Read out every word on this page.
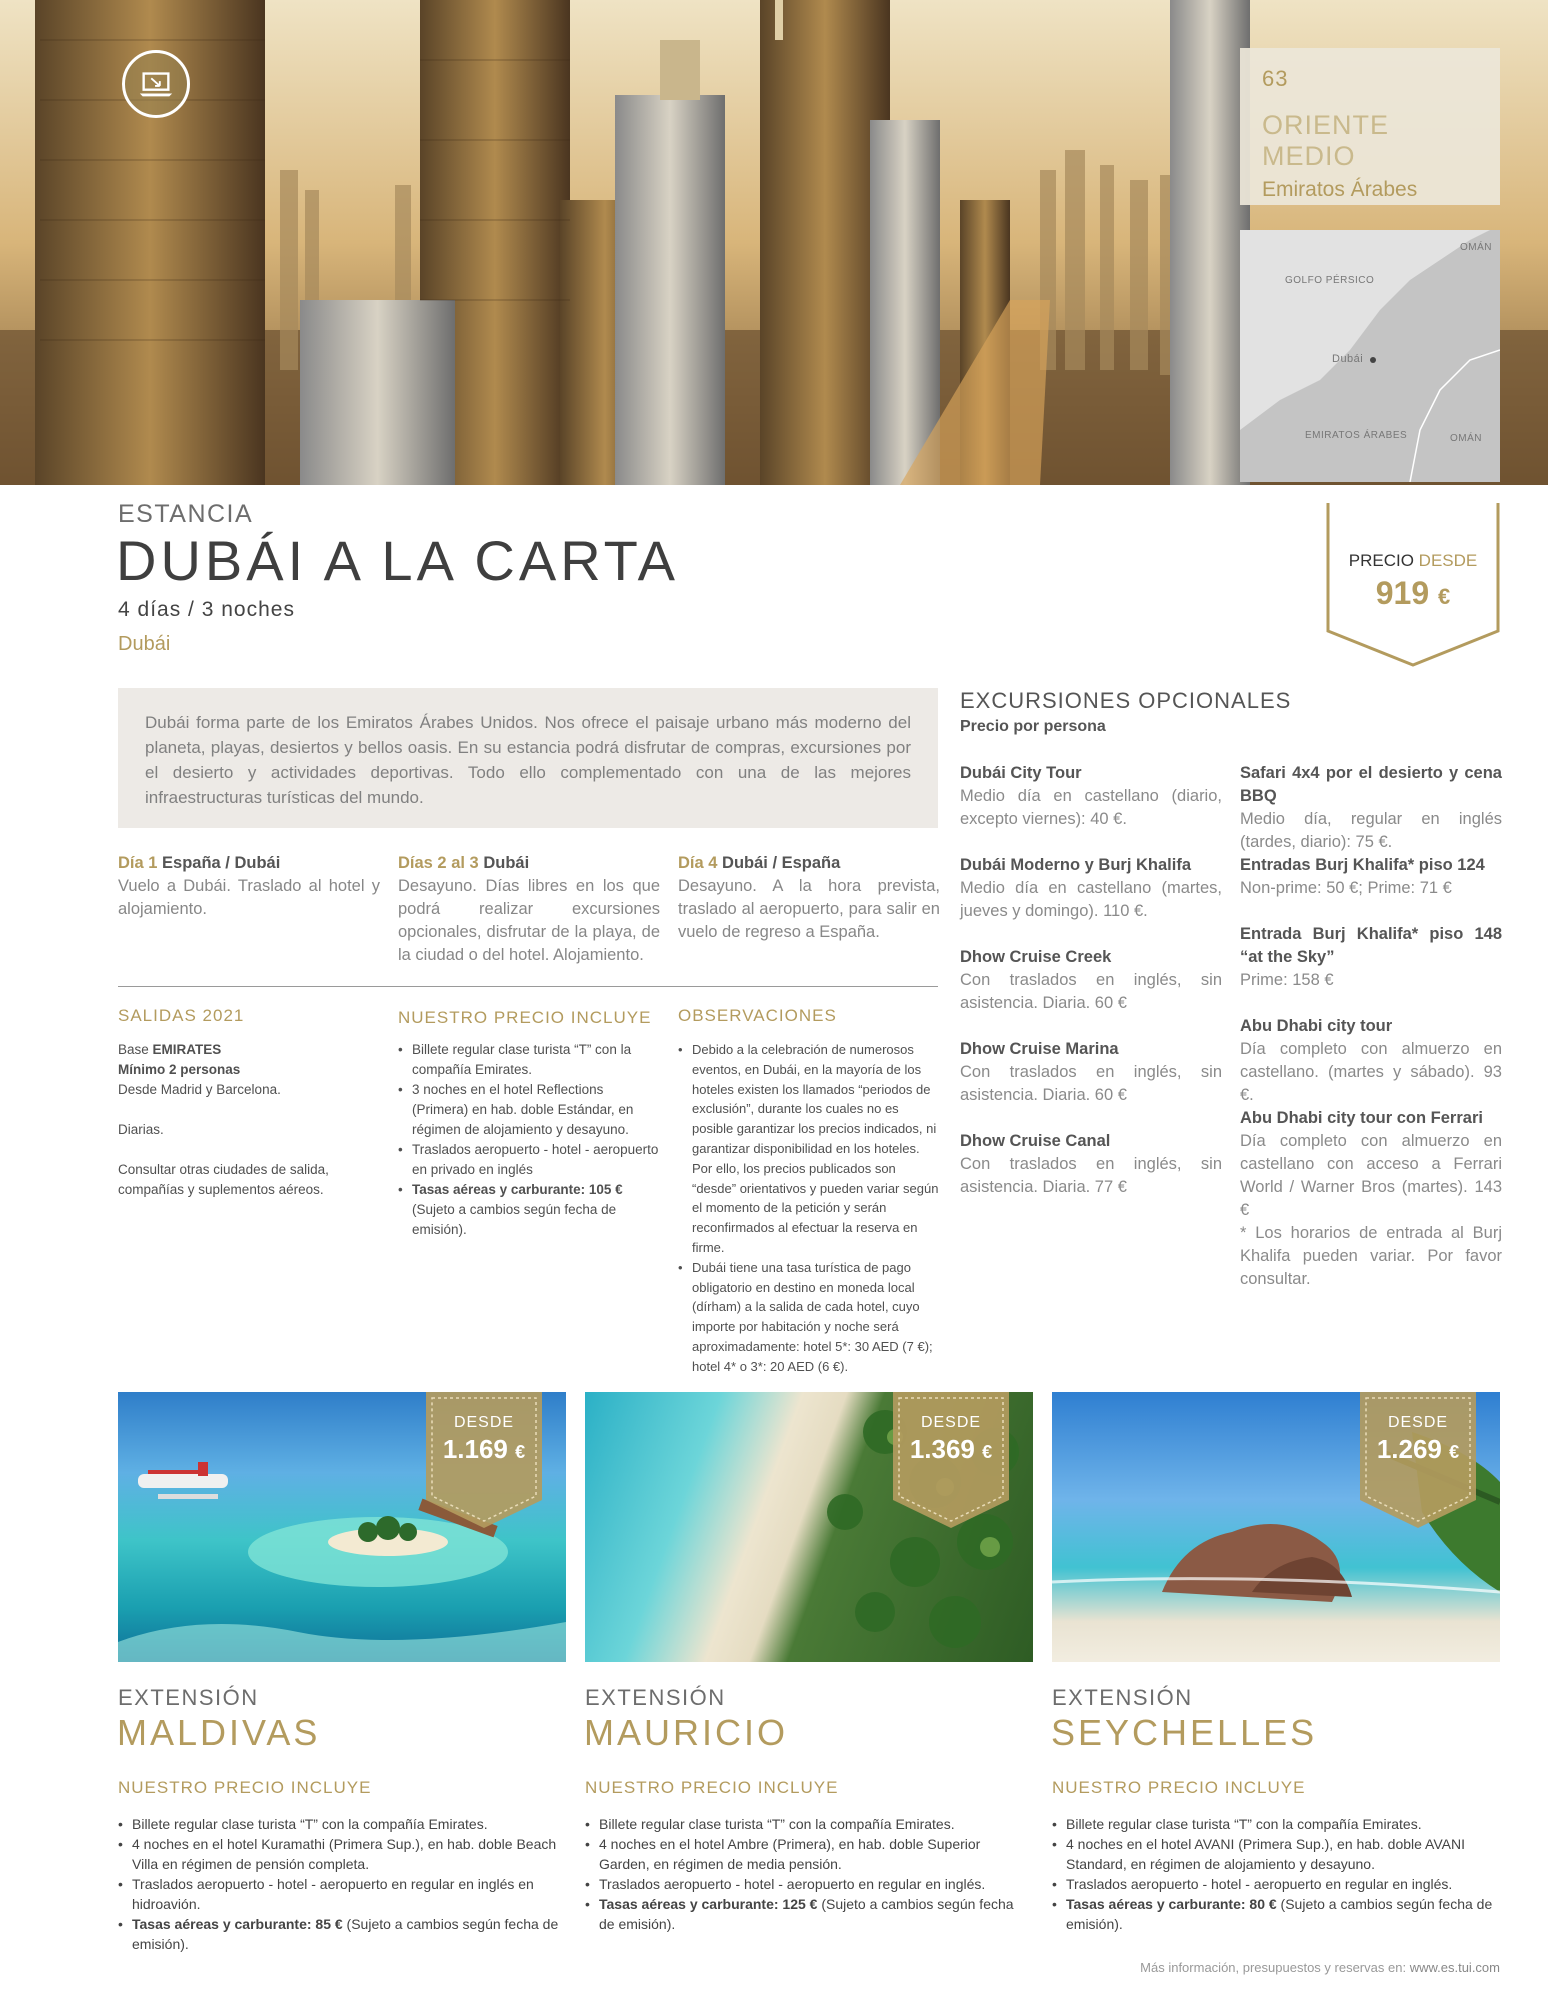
63
ORIENTE MEDIO
Emiratos Árabes
GOLFO PÉRSICO
OMÁN
Dubái
EMIRATOS ÁRABES	OMÁN
ESTANCIA
DUBÁI A LA CARTA
4 días / 3 noches
Dubái
PRECIO DESDE
919 €
Dubái forma parte de los Emiratos Árabes Unidos. Nos ofrece el paisaje urbano más moderno del planeta, playas, desiertos y bellos oasis. En su estancia podrá disfrutar de compras, excursiones por el desierto y actividades deportivas. Todo ello complementado con una de las mejores infraestructuras turísticas del mundo.
Día 1 España / Dubái
Vuelo a Dubái. Traslado al hotel y alojamiento.
Días 2 al 3 Dubái
Desayuno. Días libres en los que podrá realizar excursiones opcionales, disfrutar de la playa, de la ciudad o del hotel. Alojamiento.
Día 4 Dubái / España
Desayuno. A la hora prevista, traslado al aeropuerto, para salir en vuelo de regreso a España.
SALIDAS 2021
Base EMIRATES
Mínimo 2 personas
Desde Madrid y Barcelona.
Diarias.
Consultar otras ciudades de salida, compañías y suplementos aéreos.
NUESTRO PRECIO INCLUYE
• Billete regular clase turista “T” con la compañía Emirates.
• 3 noches en el hotel Reflections (Primera) en hab. doble Estándar, en régimen de alojamiento y desayuno.
• Traslados aeropuerto - hotel - aeropuerto en privado en inglés
• Tasas aéreas y carburante: 105 € (Sujeto a cambios según fecha de emisión).
OBSERVACIONES
• Debido a la celebración de numerosos eventos, en Dubái, en la mayoría de los hoteles existen los llamados “periodos de exclusión”, durante los cuales no es posible garantizar los precios indicados, ni garantizar disponibilidad en los hoteles. Por ello, los precios publicados son “desde” orientativos y pueden variar según el momento de la petición y serán reconfirmados al efectuar la reserva en firme.
• Dubái tiene una tasa turística de pago obligatorio en destino en moneda local (dírham) a la salida de cada hotel, cuyo importe por habitación y noche será aproximadamente: hotel 5*: 30 AED (7 €); hotel 4* o 3*: 20 AED (6 €).
EXCURSIONES OPCIONALES
Precio por persona
Dubái City Tour
Medio día en castellano (diario, excepto viernes): 40 €.
Dubái Moderno y Burj Khalifa
Medio día en castellano (martes, jueves y domingo). 110 €.
Dhow Cruise Creek
Con traslados en inglés, sin asistencia. Diaria. 60 €
Dhow Cruise Marina
Con traslados en inglés, sin asistencia. Diaria. 60 €
Dhow Cruise Canal
Con traslados en inglés, sin asistencia. Diaria. 77 €
Safari 4x4 por el desierto y cena BBQ
Medio día, regular en inglés (tardes, diario): 75 €.
Entradas Burj Khalifa* piso 124
Non-prime: 50 €; Prime: 71 €
Entrada Burj Khalifa* piso 148 “at the Sky”
Prime: 158 €
Abu Dhabi city tour
Día completo con almuerzo en castellano. (martes y sábado). 93 €.
Abu Dhabi city tour con Ferrari
Día completo con almuerzo en castellano con acceso a Ferrari World / Warner Bros (martes). 143 €
* Los horarios de entrada al Burj Khalifa pueden variar. Por favor consultar.
DESDE
1.169 €
DESDE
1.369 €
DESDE
1.269 €
EXTENSIÓN
MALDIVAS
NUESTRO PRECIO INCLUYE
• Billete regular clase turista “T” con la compañía Emirates.
• 4 noches en el hotel Kuramathi (Primera Sup.), en hab. doble Beach Villa en régimen de pensión completa.
• Traslados aeropuerto - hotel - aeropuerto en regular en inglés en hidroavión.
• Tasas aéreas y carburante: 85 € (Sujeto a cambios según fecha de emisión).
EXTENSIÓN
MAURICIO
NUESTRO PRECIO INCLUYE
• Billete regular clase turista “T” con la compañía Emirates.
• 4 noches en el hotel Ambre (Primera), en hab. doble Superior Garden, en régimen de media pensión.
• Traslados aeropuerto - hotel - aeropuerto en regular en inglés.
• Tasas aéreas y carburante: 125 € (Sujeto a cambios según fecha de emisión).
EXTENSIÓN
SEYCHELLES
NUESTRO PRECIO INCLUYE
• Billete regular clase turista “T” con la compañía Emirates.
• 4 noches en el hotel AVANI (Primera Sup.), en hab. doble AVANI Standard, en régimen de alojamiento y desayuno.
• Traslados aeropuerto - hotel - aeropuerto en regular en inglés.
• Tasas aéreas y carburante: 80 € (Sujeto a cambios según fecha de emisión).
Más información, presupuestos y reservas en: www.es.tui.com
